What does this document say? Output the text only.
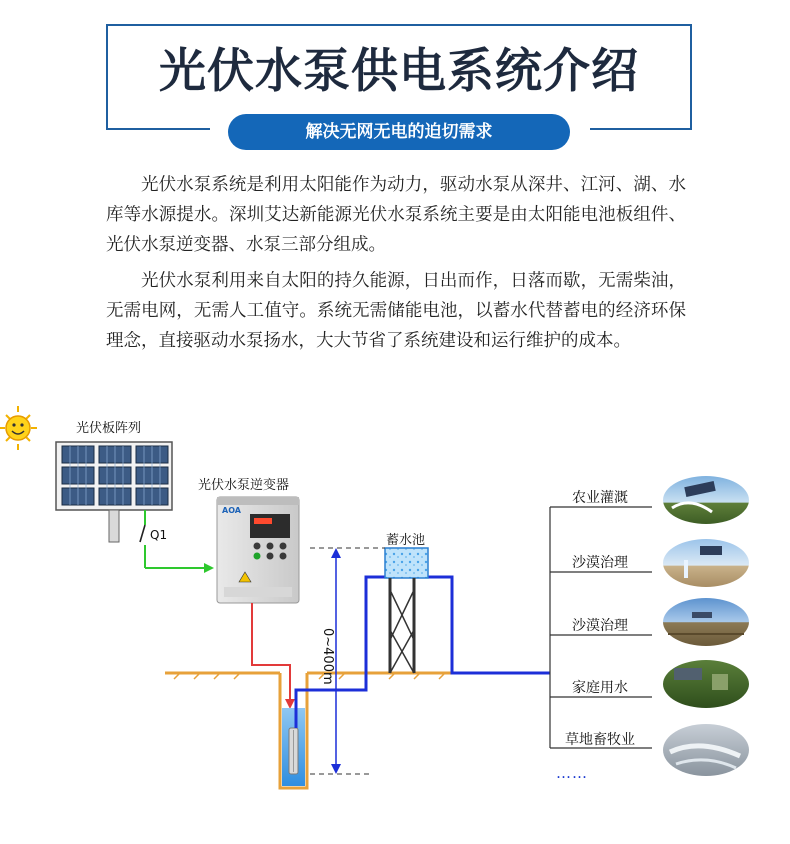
光伏水泵供电系统介绍
解决无网无电的迫切需求

光伏水泵系统是利用太阳能作为动力，驱动水泵从深井、江河、湖、水库等水源提水。深圳艾达新能源光伏水泵系统主要是由太阳能电池板组件、光伏水泵逆变器、水泵三部分组成。

光伏水泵利用来自太阳的持久能源，日出而作，日落而歇，无需柴油，无需电网，无需人工值守。系统无需储能电池，以蓄水代替蓄电的经济环保理念，直接驱动水泵扬水，大大节省了系统建设和运行维护的成本。

AOA
0~400m
光伏板阵列
Q1
光伏水泵逆变器
蓄水池
农业灌溉
沙漠治理
沙漠治理
家庭用水
草地畜牧业
……
